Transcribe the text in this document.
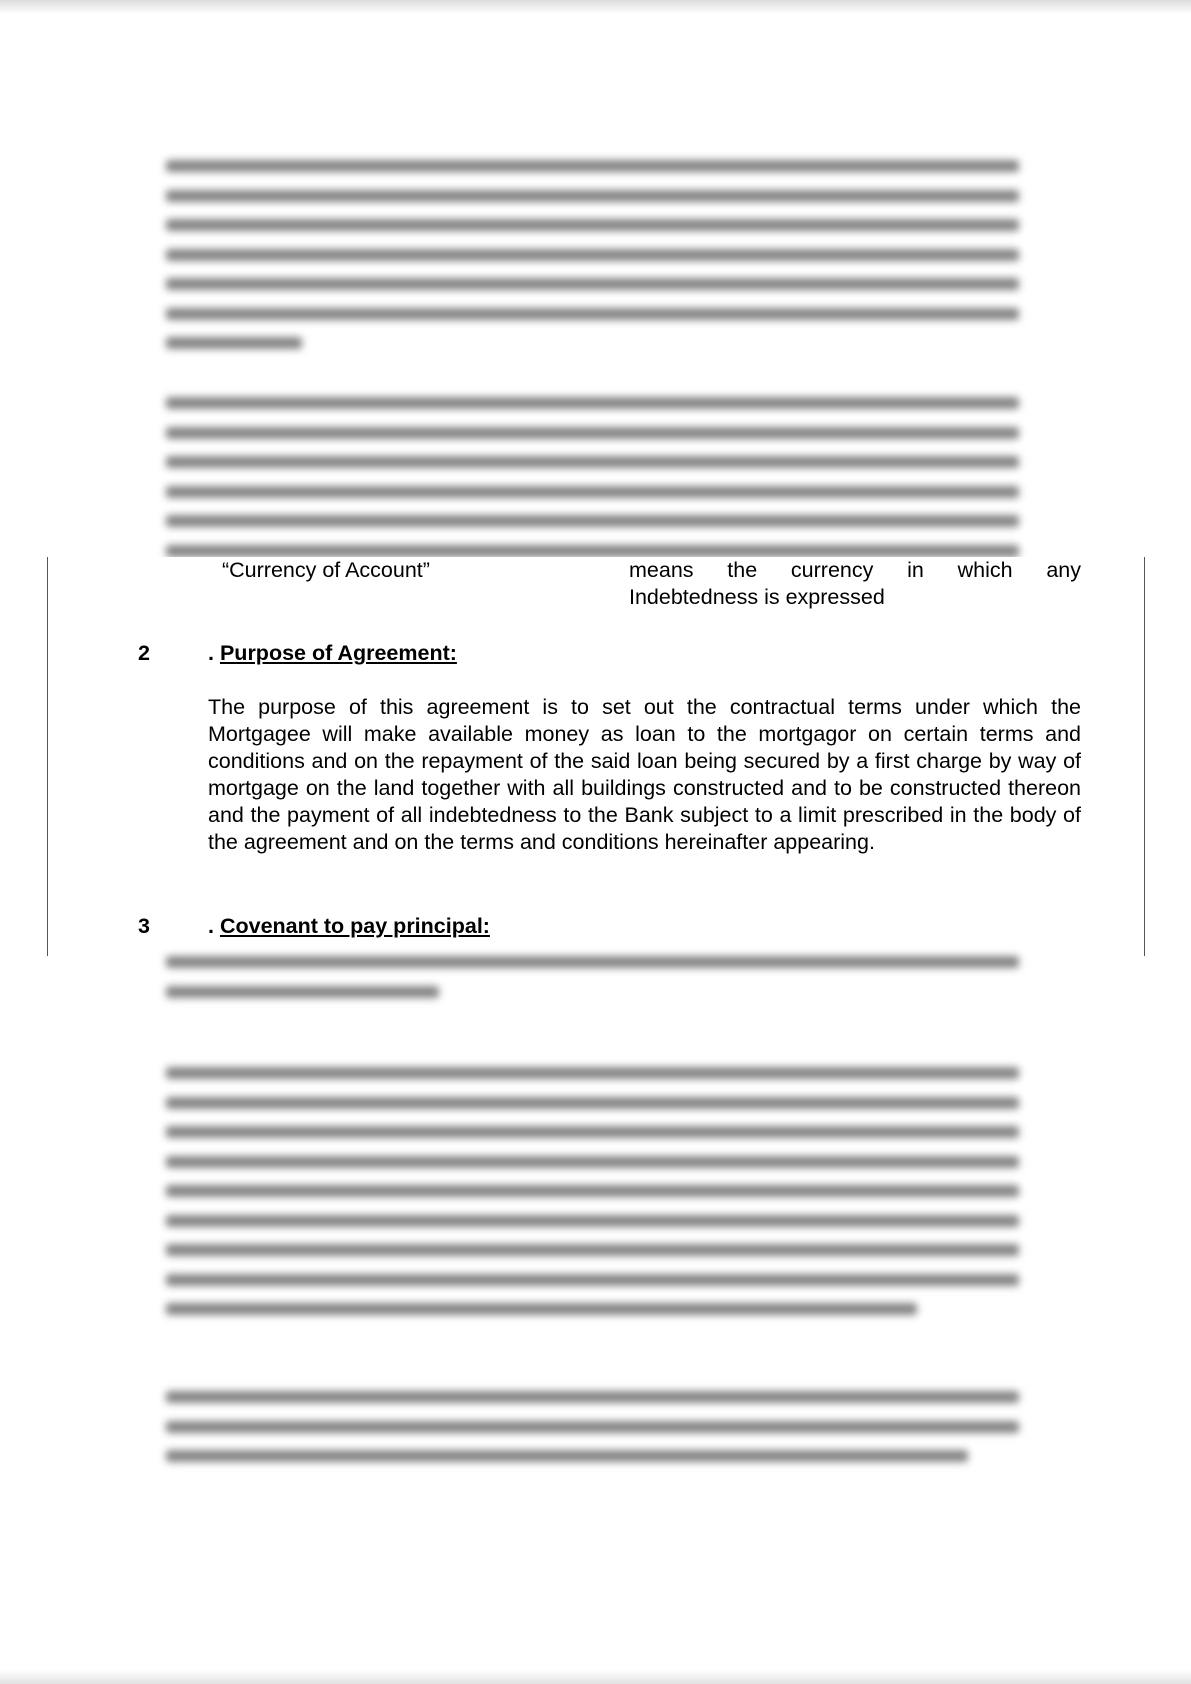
“Currency of Account”	means the currency in which any
Indebtedness is expressed
2	. Purpose of Agreement:
The purpose of this agreement is to set out the contractual terms under which the Mortgagee will make available money as loan to the mortgagor on certain terms and conditions and on the repayment of the said loan being secured by a first charge by way of mortgage on the land together with all buildings constructed and to be constructed thereon and the payment of all indebtedness to the Bank subject to a limit prescribed in the body of the agreement and on the terms and conditions hereinafter appearing.
3	. Covenant to pay principal:
